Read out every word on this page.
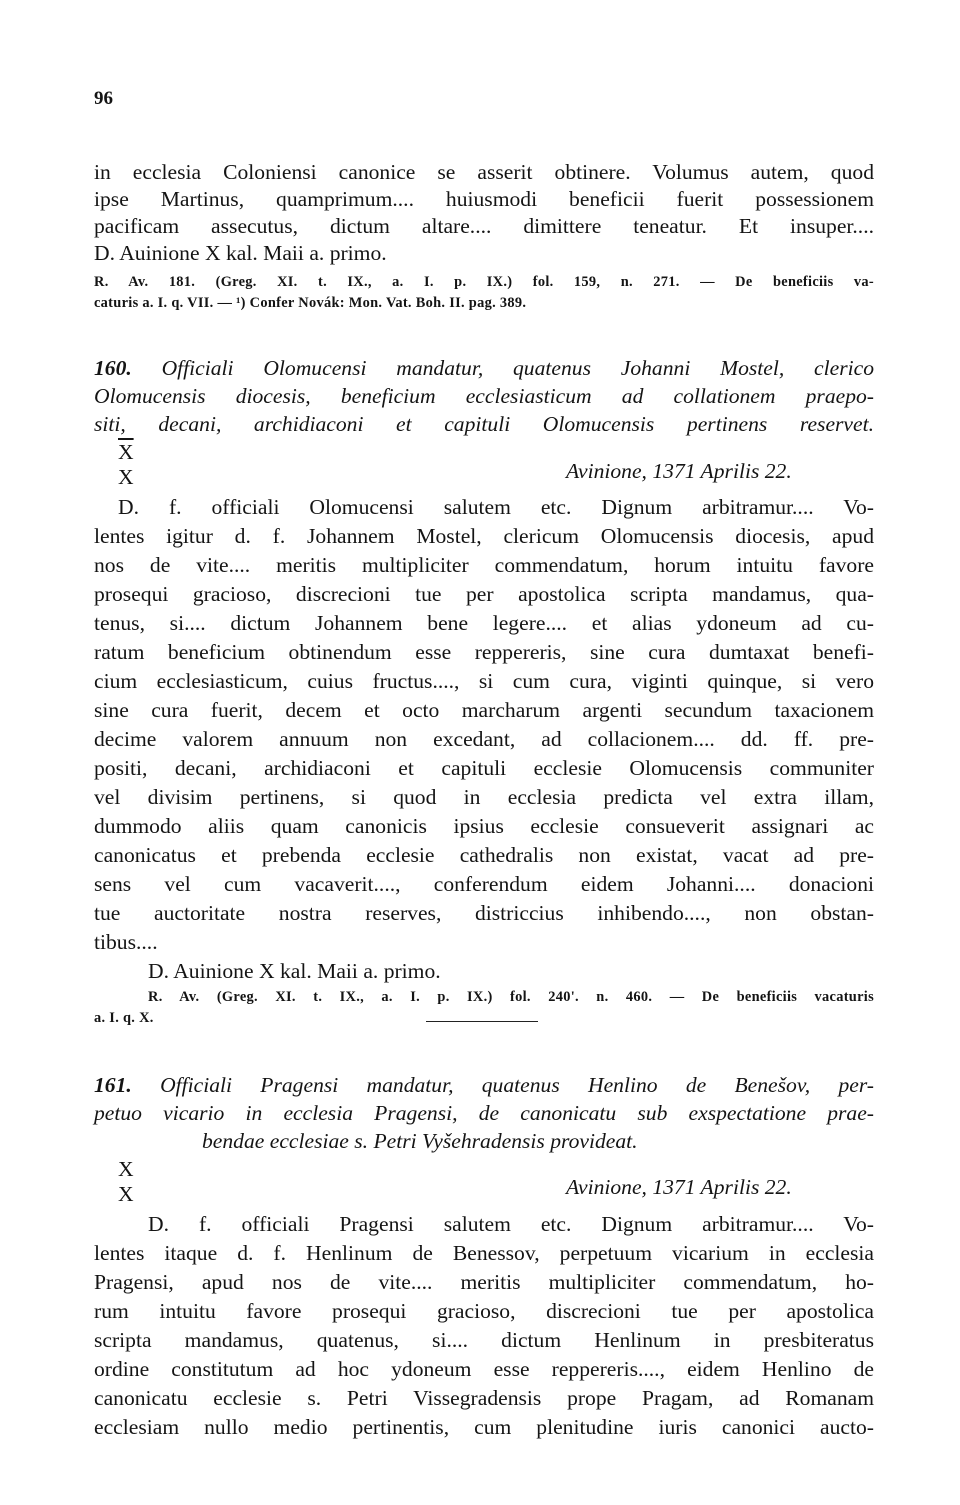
96
in ecclesia Coloniensi canonice se asserit obtinere. Volumus autem, quod
ipse Martinus, quamprimum.... huiusmodi beneficii fuerit possessionem
pacificam assecutus, dictum altare.... dimittere teneatur. Et insuper....
D. Auinione X kal. Maii a. primo.
R. Av. 181. (Greg. XI. t. IX., a. I. p. IX.) fol. 159, n. 271. — De beneficiis va-
caturis a. I. q. VII. — ¹) Confer Novák: Mon. Vat. Boh. II. pag. 389.
160. Officiali Olomucensi mandatur, quatenus Johanni Mostel, clerico
Olomucensis diocesis, beneficium ecclesiasticum ad collationem praepo-
siti, decani, archidiaconi et capituli Olomucensis pertinens reservet.
$\overline{X}$
X	Avinione, 1371 Aprilis 22.
D. f. officiali Olomucensi salutem etc. Dignum arbitramur.... Vo-
lentes igitur d. f. Johannem Mostel, clericum Olomucensis diocesis, apud
nos de vite.... meritis multipliciter commendatum, horum intuitu favore
prosequi gracioso, discrecioni tue per apostolica scripta mandamus, qua-
tenus, si.... dictum Johannem bene legere.... et alias ydoneum ad cu-
ratum beneficium obtinendum esse reppereris, sine cura dumtaxat benefi-
cium ecclesiasticum, cuius fructus...., si cum cura, viginti quinque, si vero
sine cura fuerit, decem et octo marcharum argenti secundum taxacionem
decime valorem annuum non excedant, ad collacionem.... dd. ff. pre-
positi, decani, archidiaconi et capituli ecclesie Olomucensis communiter
vel divisim pertinens, si quod in ecclesia predicta vel extra illam,
dummodo aliis quam canonicis ipsius ecclesie consueverit assignari ac
canonicatus et prebenda ecclesie cathedralis non existat, vacat ad pre-
sens vel cum vacaverit...., conferendum eidem Johanni.... donacioni
tue auctoritate nostra reserves, districcius inhibendo...., non obstan-
tibus....
D. Auinione X kal. Maii a. primo.
R. Av. (Greg. XI. t. IX., a. I. p. IX.) fol. 240'. n. 460. — De beneficiis vacaturis
a. I. q. X.
161. Officiali Pragensi mandatur, quatenus Henlino de Benešov, per-
petuo vicario in ecclesia Pragensi, de canonicatu sub exspectatione prae-
bendae ecclesiae s. Petri Vyšehradensis provideat.
X
X	Avinione, 1371 Aprilis 22.
D. f. officiali Pragensi salutem etc. Dignum arbitramur.... Vo-
lentes itaque d. f. Henlinum de Benessov, perpetuum vicarium in ecclesia
Pragensi, apud nos de vite.... meritis multipliciter commendatum, ho-
rum intuitu favore prosequi gracioso, discrecioni tue per apostolica
scripta mandamus, quatenus, si.... dictum Henlinum in presbiteratus
ordine constitutum ad hoc ydoneum esse reppereris...., eidem Henlino de
canonicatu ecclesie s. Petri Vissegradensis prope Pragam, ad Romanam
ecclesiam nullo medio pertinentis, cum plenitudine iuris canonici aucto-
